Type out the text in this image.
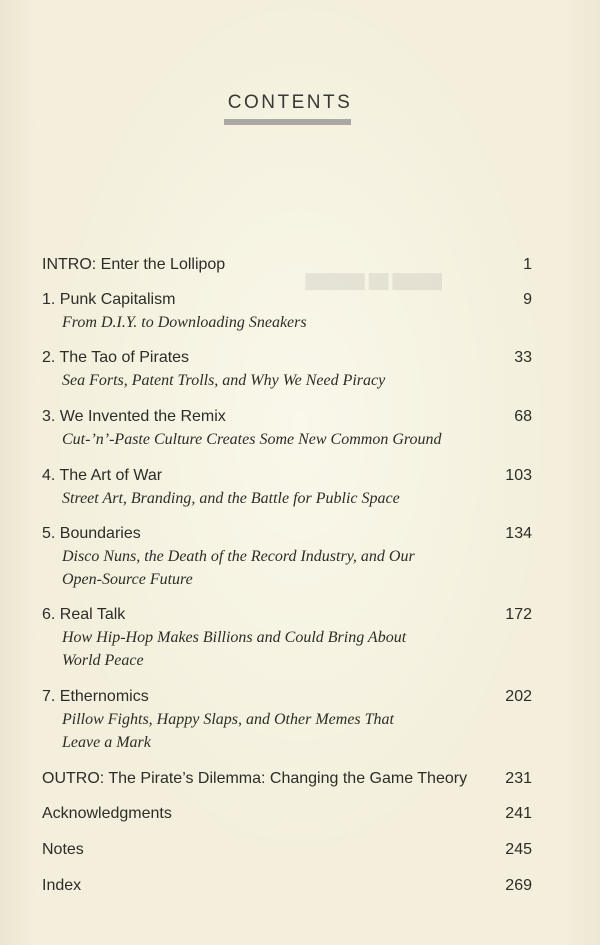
CONTENTS
█████ ██ ██████
INTRO: Enter the Lollipop	1
1. Punk Capitalism	9
From D.I.Y. to Downloading Sneakers
2. The Tao of Pirates	33
Sea Forts, Patent Trolls, and Why We Need Piracy
3. We Invented the Remix	68
Cut-’n’-Paste Culture Creates Some New Common Ground
4. The Art of War	103
Street Art, Branding, and the Battle for Public Space
5. Boundaries	134
Disco Nuns, the Death of the Record Industry, and Our
Open-Source Future
6. Real Talk	172
How Hip-Hop Makes Billions and Could Bring About
World Peace
7. Ethernomics	202
Pillow Fights, Happy Slaps, and Other Memes That
Leave a Mark
OUTRO: The Pirate’s Dilemma: Changing the Game Theory 231
Acknowledgments	241
Notes	245
Index	269
